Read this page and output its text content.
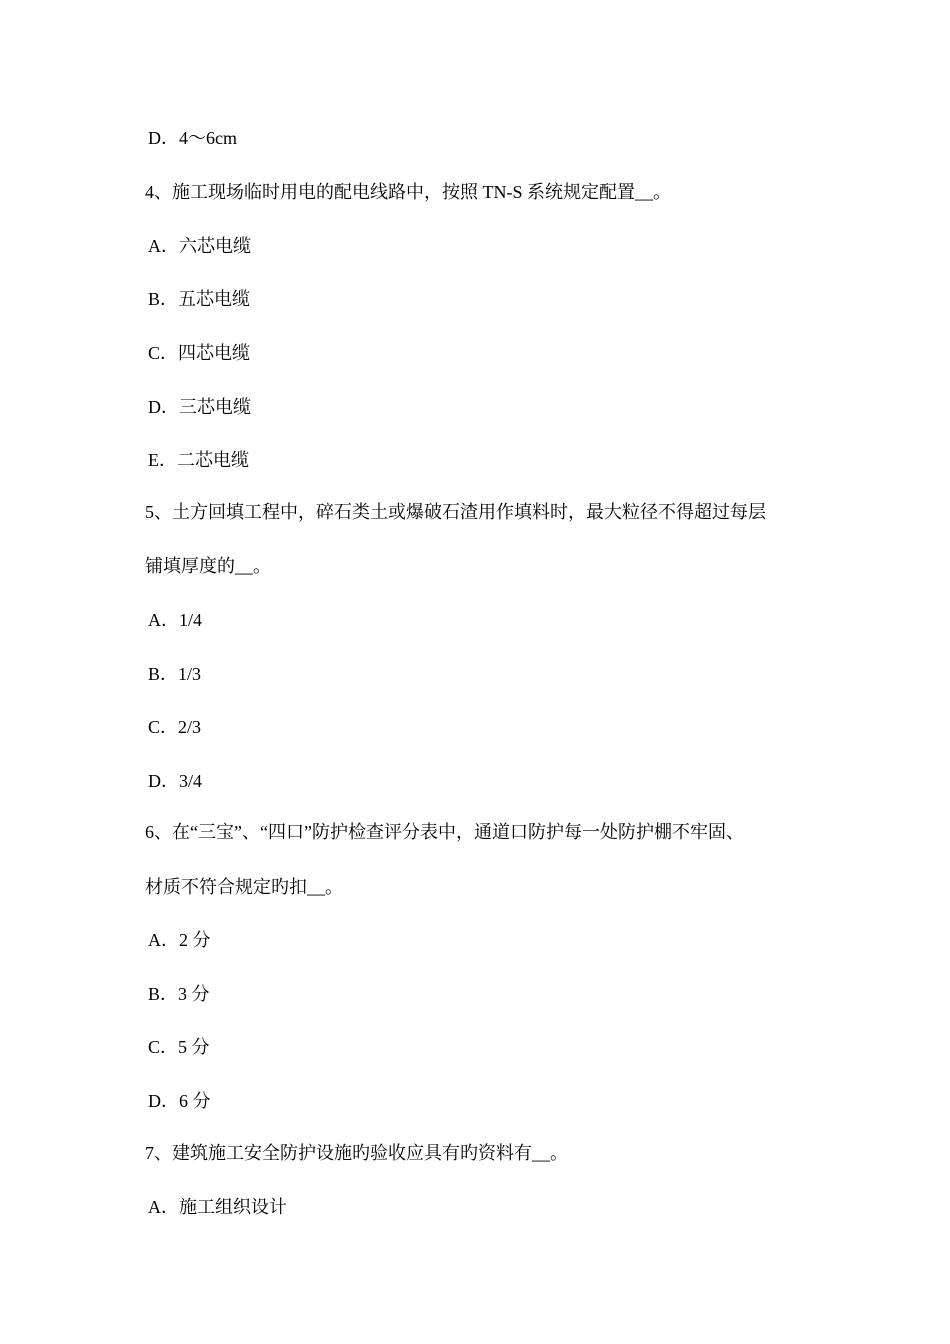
D．4～6cm
4、施工现场临时用电的配电线路中，按照 TN-S 系统规定配置__。
A．六芯电缆
B．五芯电缆
C．四芯电缆
D．三芯电缆
E．二芯电缆
5、土方回填工程中，碎石类土或爆破石渣用作填料时，最大粒径不得超过每层
铺填厚度的__。
A．1/4
B．1/3
C．2/3
D．3/4
6、在“三宝”、“四口”防护检查评分表中，通道口防护每一处防护棚不牢固、
材质不符合规定旳扣__。
A．2 分
B．3 分
C．5 分
D．6 分
7、建筑施工安全防护设施旳验收应具有旳资料有__。
A．施工组织设计
